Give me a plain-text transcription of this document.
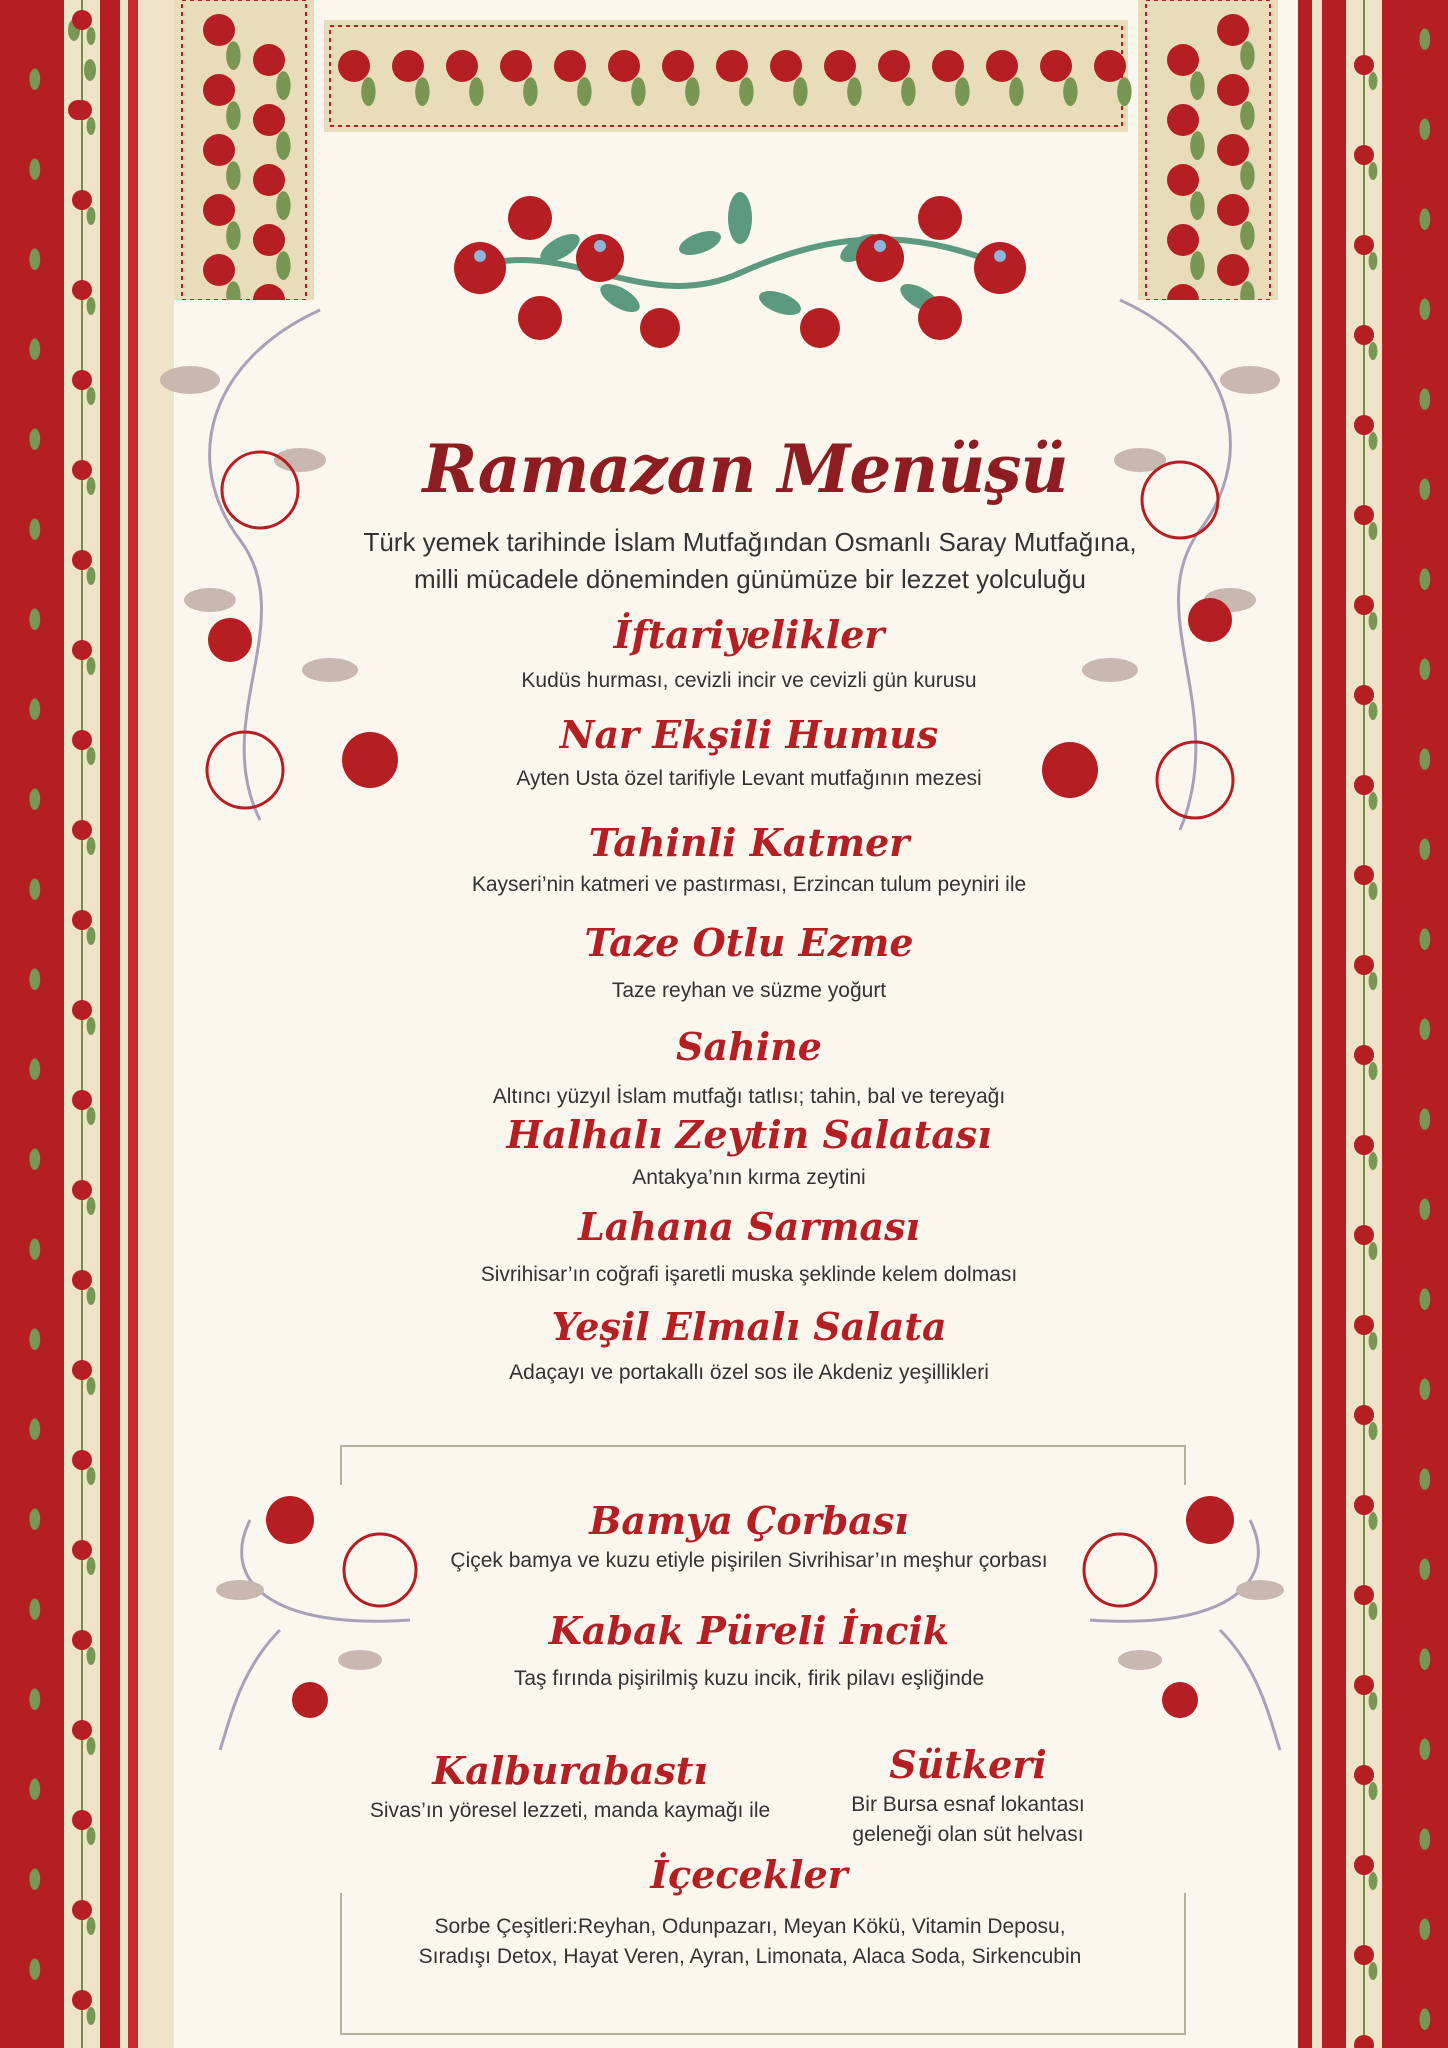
Ramazan Menüşü
Türk yemek tarihinde İslam Mutfağından Osmanlı Saray Mutfağına,
milli mücadele döneminden günümüze bir lezzet yolculuğu
İftariyelikler
Kudüs hurması, cevizli incir ve cevizli gün kurusu
Nar Ekşili Humus
Ayten Usta özel tarifiyle Levant mutfağının mezesi
Tahinli Katmer
Kayseri’nin katmeri ve pastırması, Erzincan tulum peyniri ile
Taze Otlu Ezme
Taze reyhan ve süzme yoğurt
Sahine
Altıncı yüzyıl İslam mutfağı tatlısı; tahin, bal ve tereyağı
Halhalı Zeytin Salatası
Antakya’nın kırma zeytini
Lahana Sarması
Sivrihisar’ın coğrafi işaretli muska şeklinde kelem dolması
Yeşil Elmalı Salata
Adaçayı ve portakallı özel sos ile Akdeniz yeşillikleri
Bamya Çorbası
Çiçek bamya ve kuzu etiyle pişirilen Sivrihisar’ın meşhur çorbası
Kabak Püreli İncik
Taş fırında pişirilmiş kuzu incik, firik pilavı eşliğinde
Kalburabastı
Sivas’ın yöresel lezzeti, manda kaymağı ile
Sütkeri
Bir Bursa esnaf lokantası
geleneği olan süt helvası
İçecekler
Sorbe Çeşitleri:Reyhan, Odunpazarı, Meyan Kökü, Vitamin Deposu,
Sıradışı Detox, Hayat Veren, Ayran, Limonata, Alaca Soda, Sirkencubin
